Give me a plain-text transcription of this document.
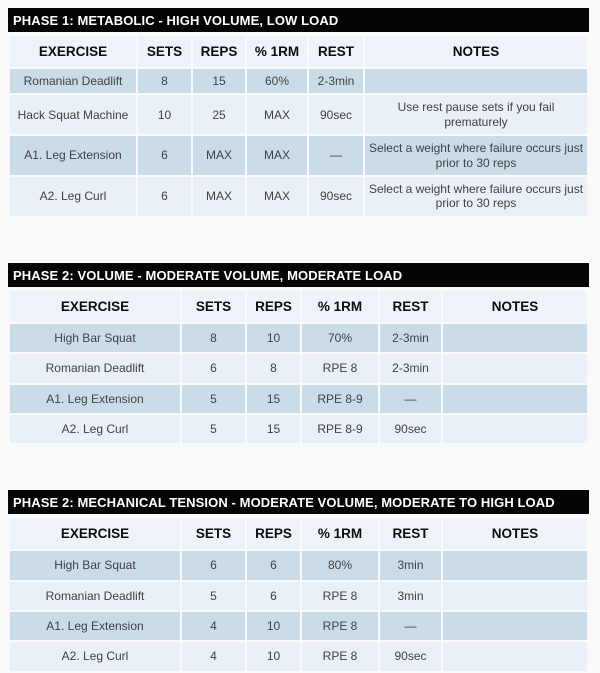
PHASE 1: METABOLIC - HIGH VOLUME, LOW LOAD
EXERCISE	SETS	REPS	% 1RM	REST	NOTES
Romanian Deadlift	8	15	60%	2-3min	
Hack Squat Machine	10	25	MAX	90sec	Use rest pause sets if you fail prematurely
A1. Leg Extension	6	MAX	MAX	—	Select a weight where failure occurs just prior to 30 reps
A2. Leg Curl	6	MAX	MAX	90sec	Select a weight where failure occurs just prior to 30 reps
PHASE 2: VOLUME - MODERATE VOLUME, MODERATE LOAD
EXERCISE	SETS	REPS	% 1RM	REST	NOTES
High Bar Squat	8	10	70%	2-3min	
Romanian Deadlift	6	8	RPE 8	2-3min	
A1. Leg Extension	5	15	RPE 8-9	—	
A2. Leg Curl	5	15	RPE 8-9	90sec	
PHASE 2: MECHANICAL TENSION - MODERATE VOLUME, MODERATE TO HIGH LOAD
EXERCISE	SETS	REPS	% 1RM	REST	NOTES
High Bar Squat	6	6	80%	3min	
Romanian Deadlift	5	6	RPE 8	3min	
A1. Leg Extension	4	10	RPE 8	—	
A2. Leg Curl	4	10	RPE 8	90sec	
